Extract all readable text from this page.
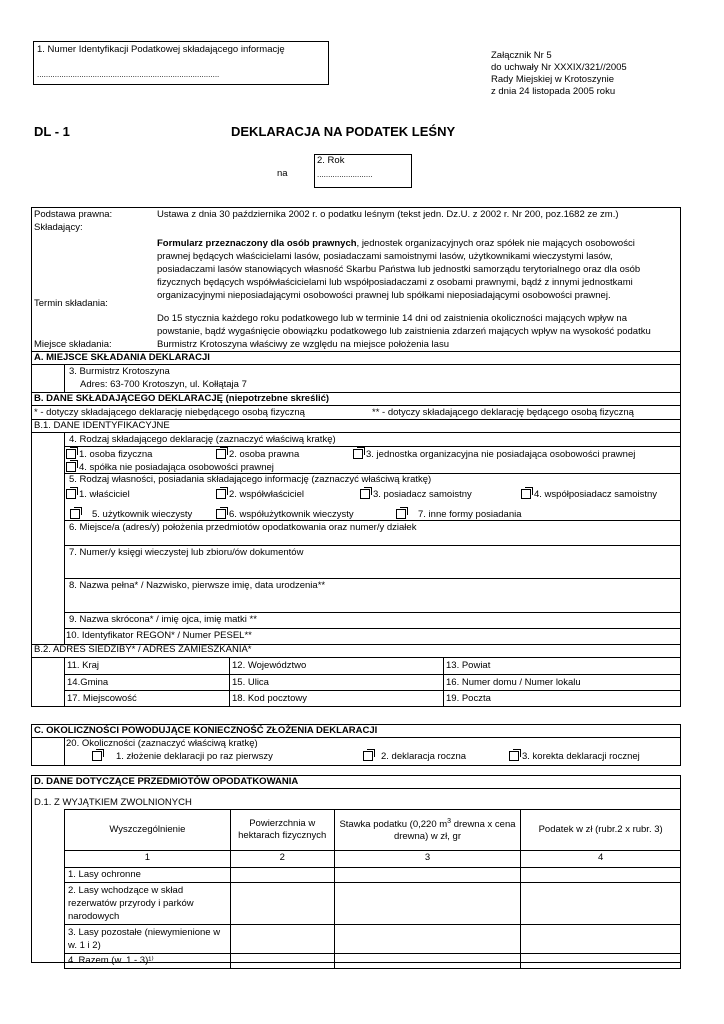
1. Numer Identyfikacji Podatkowej składającego informację
..................................................................................
Załącznik Nr 5
do uchwały Nr XXXIX/321//2005
Rady Miejskiej w Krotoszynie
z dnia 24 listopada 2005 roku
DL - 1	DEKLARACJA NA PODATEK LEŚNY
na
2. Rok
.........................
Podstawa prawna:	Ustawa z dnia 30 października 2002 r. o podatku leśnym (tekst jedn. Dz.U. z 2002 r. Nr 200, poz.1682 ze zm.)
Składający:
Formularz przeznaczony dla osób prawnych, jednostek organizacyjnych oraz spółek nie mających osobowości prawnej będących właścicielami lasów, posiadaczami samoistnymi lasów, użytkownikami wieczystymi lasów, posiadaczami lasów stanowiących własność Skarbu Państwa lub jednostki samorządu terytorialnego oraz dla osób fizycznych będących współwłaścicielami lub współposiadaczami z osobami prawnymi, bądź z innymi jednostkami organizacyjnymi nieposiadającymi osobowości prawnej lub spółkami nieposiadającymi osobowości prawnej.
Termin składania:
Do 15 stycznia każdego roku podatkowego lub w terminie 14 dni od zaistnienia okoliczności mających wpływ na powstanie, bądź wygaśnięcie obowiązku podatkowego lub zaistnienia zdarzeń mających wpływ na wysokość podatku
Miejsce składania:	Burmistrz Krotoszyna właściwy ze względu na miejsce położenia lasu
A. MIEJSCE SKŁADANIA DEKLARACJI
3. Burmistrz Krotoszyna
Adres: 63-700 Krotoszyn, ul. Kołłątaja 7
B. DANE SKŁADAJĄCEGO DEKLARACJĘ (niepotrzebne skreślić)
* - dotyczy składającego deklarację niebędącego osobą fizyczną	** - dotyczy składającego deklarację będącego osobą fizyczną
B.1. DANE IDENTYFIKACYJNE
4. Rodzaj składającego deklarację (zaznaczyć właściwą kratkę)
1. osoba fizyczna	2. osoba prawna	3. jednostka organizacyjna nie posiadająca osobowości prawnej
4. spółka nie posiadająca osobowości prawnej
5. Rodzaj własności, posiadania składającego informację (zaznaczyć właściwą kratkę)
1. właściciel	2. współwłaściciel	3. posiadacz samoistny	4. współposiadacz samoistny
5. użytkownik wieczysty	6. współużytkownik wieczysty	7. inne formy posiadania
6. Miejsce/a (adres/y) położenia przedmiotów opodatkowania oraz numer/y działek
7. Numer/y księgi wieczystej lub zbioru/ów dokumentów
8. Nazwa pełna* / Nazwisko, pierwsze imię, data urodzenia**
9. Nazwa skrócona* / imię ojca, imię matki **
10. Identyfikator REGON* / Numer PESEL**
B.2. ADRES SIEDZIBY* / ADRES ZAMIESZKANIA*
11. Kraj	12. Województwo	13. Powiat
14.Gmina	15. Ulica	16. Numer domu / Numer lokalu
17. Miejscowość	18. Kod pocztowy	19. Poczta
C. OKOLICZNOŚCI POWODUJĄCE KONIECZNOŚĆ ZŁOŻENIA DEKLARACJI
20. Okoliczności (zaznaczyć właściwą kratkę)
1. złożenie deklaracji po raz pierwszy	2. deklaracja roczna	3. korekta deklaracji rocznej
D. DANE DOTYCZĄCE PRZEDMIOTÓW OPODATKOWANIA
D.1. Z WYJĄTKIEM ZWOLNIONYCH
Wyszczególnienie	Powierzchnia w hektarach fizycznych	Stawka podatku (0,220 $m^3$ drewna x cena drewna) w zł, gr	Podatek w zł (rubr.2 x rubr. 3)
1	2	3	4
1. Lasy ochronne			
2. Lasy wchodzące w skład rezerwatów przyrody i parków narodowych			
3. Lasy pozostałe (niewymienione w w. 1 i 2)			
4. Razem (w. 1 - 3)¹⁾			
